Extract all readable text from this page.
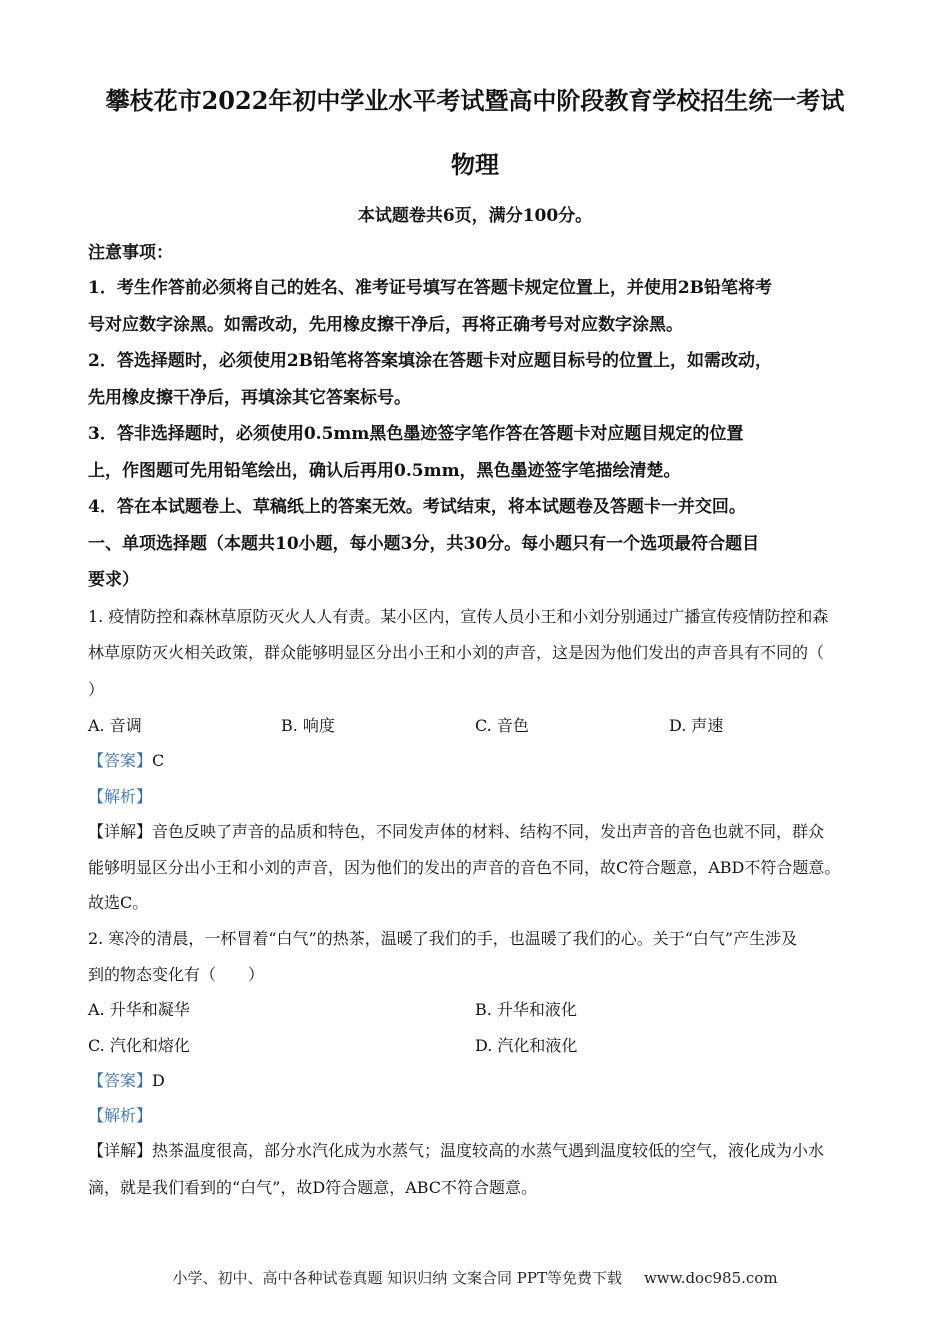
攀枝花市2022年初中学业水平考试暨高中阶段教育学校招生统一考试
物理
本试题卷共6页，满分100分。
注意事项：
1．考生作答前必须将自己的姓名、准考证号填写在答题卡规定位置上，并使用2B铅笔将考
号对应数字涂黑。如需改动，先用橡皮擦干净后，再将正确考号对应数字涂黑。
2．答选择题时，必须使用2B铅笔将答案填涂在答题卡对应题目标号的位置上，如需改动，
先用橡皮擦干净后，再填涂其它答案标号。
3．答非选择题时，必须使用0.5mm黑色墨迹签字笔作答在答题卡对应题目规定的位置
上，作图题可先用铅笔绘出，确认后再用0.5mm，黑色墨迹签字笔描绘清楚。
4．答在本试题卷上、草稿纸上的答案无效。考试结束，将本试题卷及答题卡一并交回。
一、单项选择题（本题共10小题，每小题3分，共30分。每小题只有一个选项最符合题目
要求）
1. 疫情防控和森林草原防灭火人人有责。某小区内，宣传人员小王和小刘分别通过广播宣传疫情防控和森
林草原防灭火相关政策，群众能够明显区分出小王和小刘的声音，这是因为他们发出的声音具有不同的（
）
A. 音调	B. 响度	C. 音色	D. 声速
【答案】C
【解析】
【详解】音色反映了声音的品质和特色，不同发声体的材料、结构不同，发出声音的音色也就不同，群众
能够明显区分出小王和小刘的声音，因为他们的发出的声音的音色不同，故C符合题意，ABD不符合题意。
故选C。
2. 寒冷的清晨，一杯冒着“白气”的热茶，温暖了我们的手，也温暖了我们的心。关于“白气”产生涉及
到的物态变化有（　　）
A. 升华和凝华	B. 升华和液化
C. 汽化和熔化	D. 汽化和液化
【答案】D
【解析】
【详解】热茶温度很高，部分水汽化成为水蒸气；温度较高的水蒸气遇到温度较低的空气，液化成为小水
滴，就是我们看到的“白气”，故D符合题意，ABC不符合题意。
小学、初中、高中各种试卷真题 知识归纳 文案合同 PPT等免费下载 www.doc985.com
